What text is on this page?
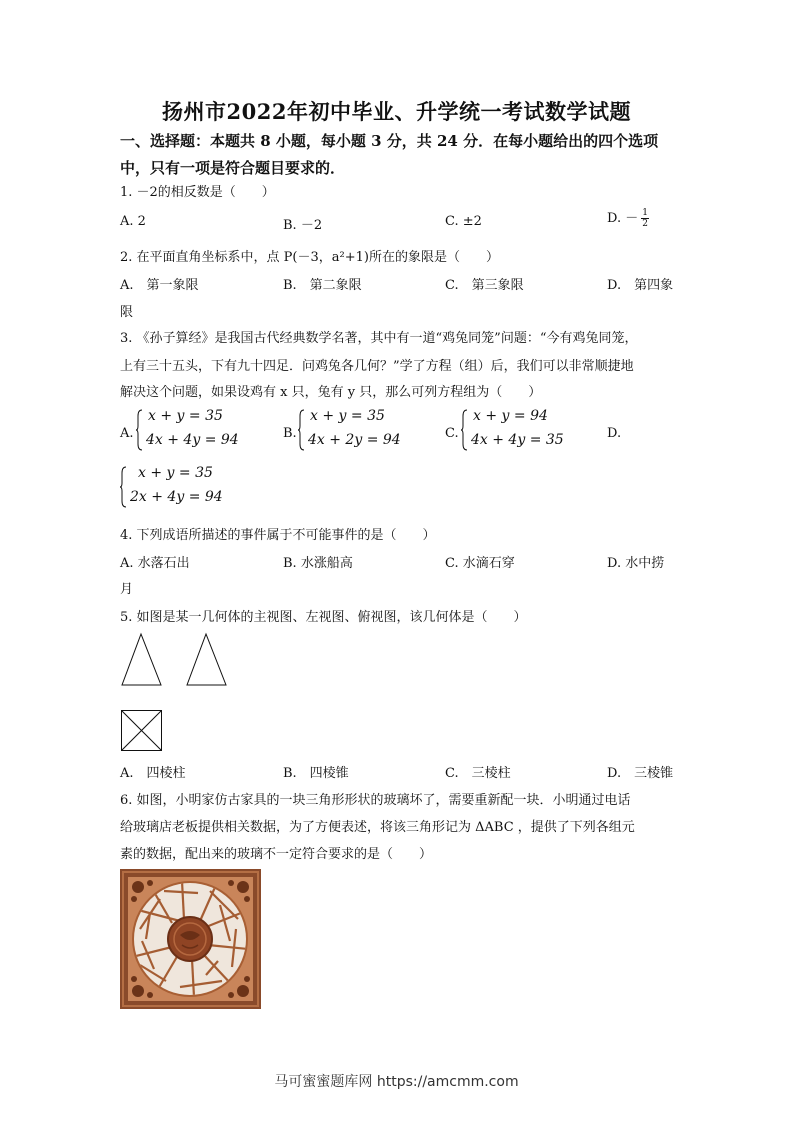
扬州市2022年初中毕业、升学统一考试数学试题
一、选择题：本题共 8 小题，每小题 3 分，共 24 分．在每小题给出的四个选项
中，只有一项是符合题目要求的．
1. －2的相反数是（　　）
A. 2	B. －2	C. ±2	D. － $\frac{1}{2}$
2. 在平面直角坐标系中，点 P(－3，a²+1)所在的象限是（　　）
A.　第一象限	B.　第二象限	C.　第三象限	D.　第四象
限
3. 《孙子算经》是我国古代经典数学名著，其中有一道“鸡兔同笼”问题：“今有鸡兔同笼，
上有三十五头，下有九十四足．问鸡兔各几何？”学了方程（组）后，我们可以非常顺捷地
解决这个问题，如果设鸡有 x 只，兔有 y 只，那么可列方程组为（　　）
A.
x + y = 35
4x + 4y = 94	B.
x + y = 35
4x + 2y = 94	C.
x + y = 94
4x + 4y = 35	D.
x + y = 35
2x + 4y = 94
4. 下列成语所描述的事件属于不可能事件的是（　　）
A. 水落石出	B. 水涨船高	C. 水滴石穿	D. 水中捞
月
5. 如图是某一几何体的主视图、左视图、俯视图，该几何体是（　　）
A.　四棱柱	B.　四棱锥	C.　三棱柱	D.　三棱锥
6. 如图，小明家仿古家具的一块三角形形状的玻璃坏了，需要重新配一块．小明通过电话
给玻璃店老板提供相关数据，为了方便表述，将该三角形记为 ΔABC ，提供了下列各组元
素的数据，配出来的玻璃不一定符合要求的是（　　）
马可蜜蜜题库网 https://amcmm.com
